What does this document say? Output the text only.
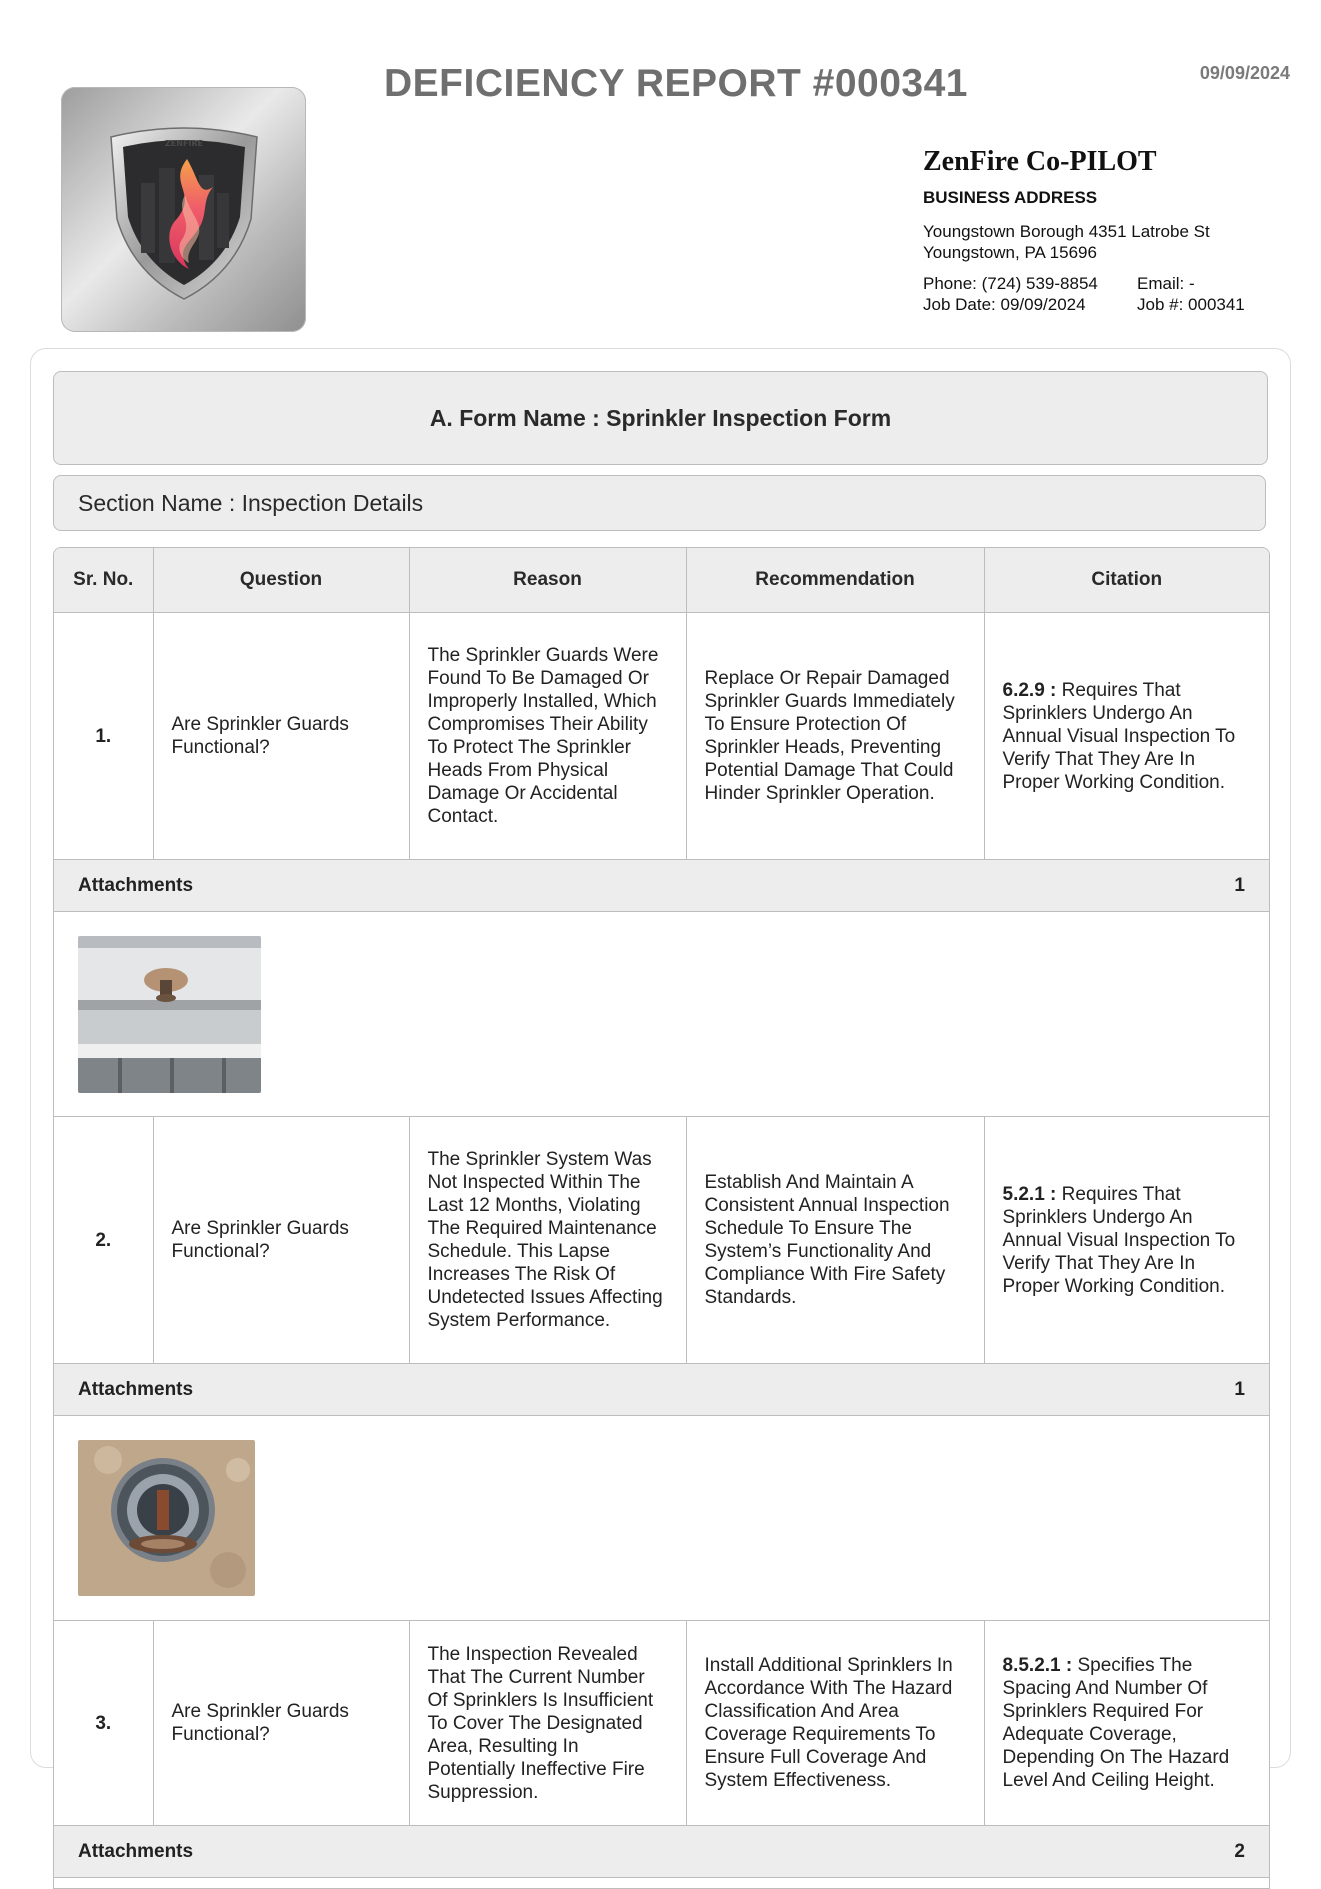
09/09/2024
DEFICIENCY REPORT #000341
ZENFIRE
ZenFire Co-PILOT
BUSINESS ADDRESS
Youngstown Borough 4351 Latrobe St
Youngstown, PA 15696
Phone: (724) 539-8854	Email: -
Job Date: 09/09/2024	Job #: 000341
A. Form Name : Sprinkler Inspection Form
Section Name : Inspection Details
Sr. No.	Question	Reason	Recommendation	Citation
1.	Are Sprinkler Guards Functional?	The Sprinkler Guards Were Found To Be Damaged Or Improperly Installed, Which Compromises Their Ability To Protect The Sprinkler Heads From Physical Damage Or Accidental Contact.	Replace Or Repair Damaged Sprinkler Guards Immediately To Ensure Protection Of Sprinkler Heads, Preventing Potential Damage That Could Hinder Sprinkler Operation.	6.2.9 : Requires That Sprinklers Undergo An Annual Visual Inspection To Verify That They Are In Proper Working Condition.

Attachments 1				

2.	Are Sprinkler Guards Functional?	The Sprinkler System Was Not Inspected Within The Last 12 Months, Violating The Required Maintenance Schedule. This Lapse Increases The Risk Of Undetected Issues Affecting System Performance.	Establish And Maintain A Consistent Annual Inspection Schedule To Ensure The System’s Functionality And Compliance With Fire Safety Standards.	5.2.1 : Requires That Sprinklers Undergo An Annual Visual Inspection To Verify That They Are In Proper Working Condition.

Attachments 1				

3.	Are Sprinkler Guards Functional?	The Inspection Revealed That The Current Number Of Sprinklers Is Insufficient To Cover The Designated Area, Resulting In Potentially Ineffective Fire Suppression.	Install Additional Sprinklers In Accordance With The Hazard Classification And Area Coverage Requirements To Ensure Full Coverage And System Effectiveness.	8.5.2.1 : Specifies The Spacing And Number Of Sprinklers Required For Adequate Coverage, Depending On The Hazard Level And Ceiling Height.

Attachments 2				
